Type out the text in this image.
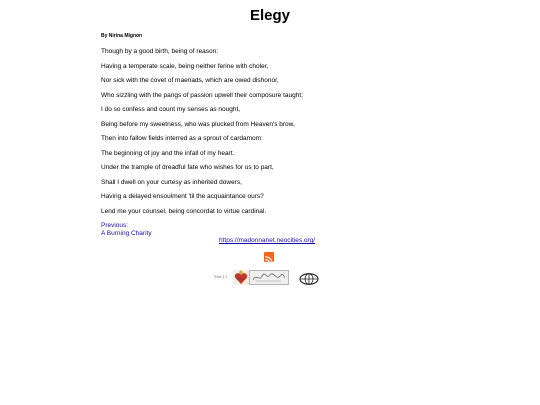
Elegy
By Nirina Mignon
Though by a good birth, being of reason:
Having a temperate scale, being neither ferine with choler,
Nor sick with the covet of maenads, which are owed dishonor,
Who sizzling with the pangs of passion upwell their composure taught;
I do so confess and count my senses as nought,
Being before my sweetness, who was plucked from Heaven's brow,
Then into fallow fields interred as a sprout of cardamom:
The beginning of joy and the infall of my heart.
Under the trample of dreadful fate who wishes for us to part,
Shall I dwell on your curtesy as inherited dowers,
Having a delayed ensoulment 'til the acquaintance ours?
Lend me your counsel, being concordat to virtue cardinal.
Previous:
A Burning Charity
https://madonnanet.neocities.org/
John 1:1
